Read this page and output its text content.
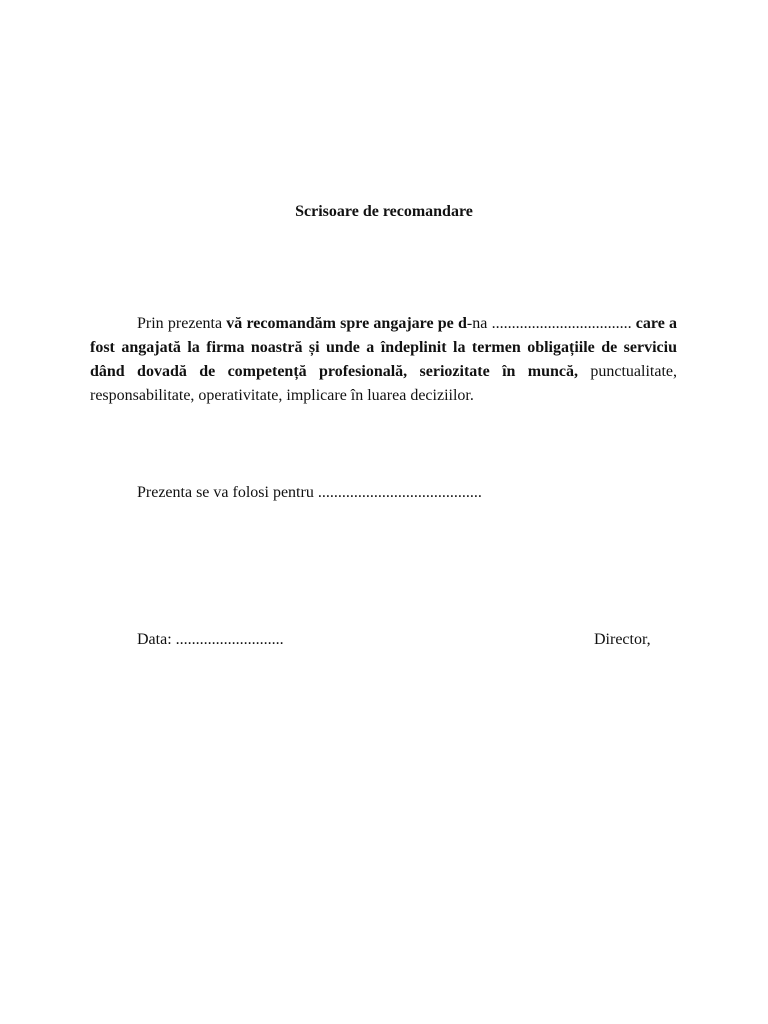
Scrisoare de recomandare

Prin prezenta vă recomandăm spre angajare pe d-na ................................... care a fost angajată la firma noastră și unde a îndeplinit la termen obligațiile de serviciu dând dovadă de competență profesională, seriozitate în muncă, punctualitate, responsabilitate, operativitate, implicare în luarea deciziilor.

Prezenta se va folosi pentru .........................................

Data: ...........................	Director,
